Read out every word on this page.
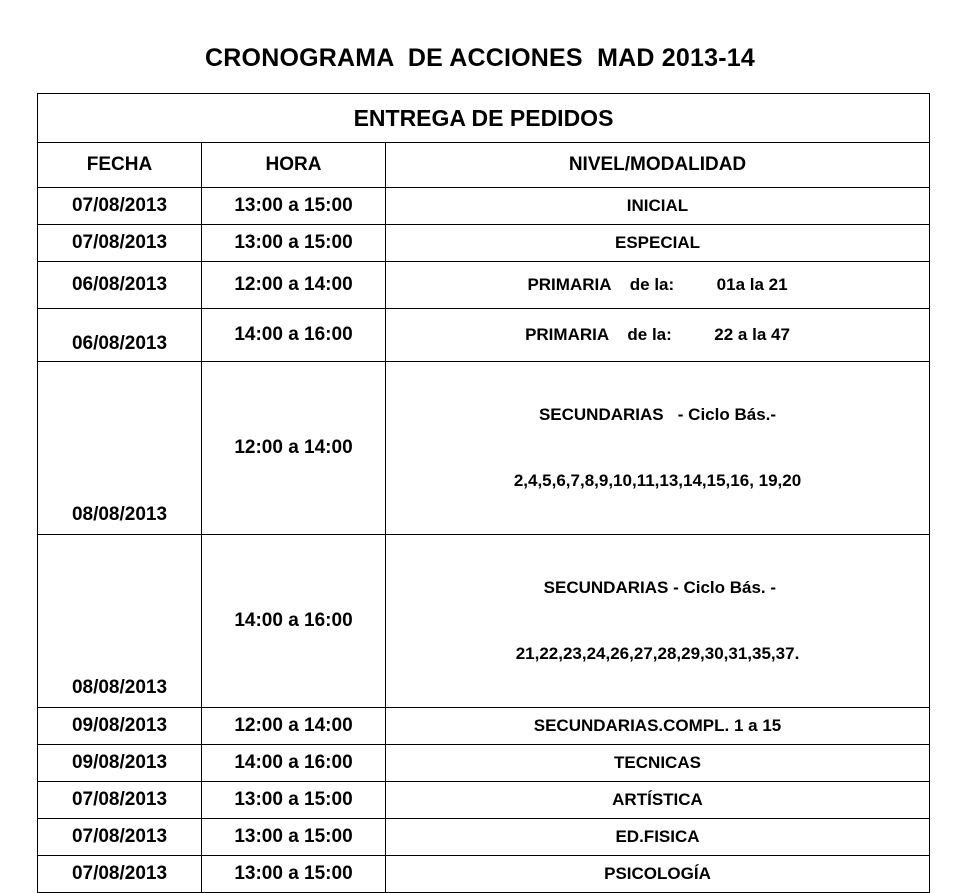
CRONOGRAMA  DE ACCIONES  MAD 2013-14
ENTREGA DE PEDIDOS		
FECHA	HORA	NIVEL/MODALIDAD
07/08/2013	13:00 a 15:00	INICIAL

07/08/2013	13:00 a 15:00	ESPECIAL

06/08/2013	12:00 a 14:00	PRIMARIA    de la:         01a la 21

06/08/2013	14:00 a 16:00	PRIMARIA    de la:         22 a la 47

08/08/2013	12:00 a 14:00	SECUNDARIAS   - Ciclo Bás.-

2,4,5,6,7,8,9,10,11,13,14,15,16, 19,20

08/08/2013	14:00 a 16:00	SECUNDARIAS - Ciclo Bás. -

21,22,23,24,26,27,28,29,30,31,35,37.

09/08/2013	12:00 a 14:00	SECUNDARIAS.COMPL. 1 a 15

09/08/2013	14:00 a 16:00	TECNICAS

07/08/2013	13:00 a 15:00	ARTÍSTICA

07/08/2013	13:00 a 15:00	ED.FISICA

07/08/2013	13:00 a 15:00	PSICOLOGÍA
